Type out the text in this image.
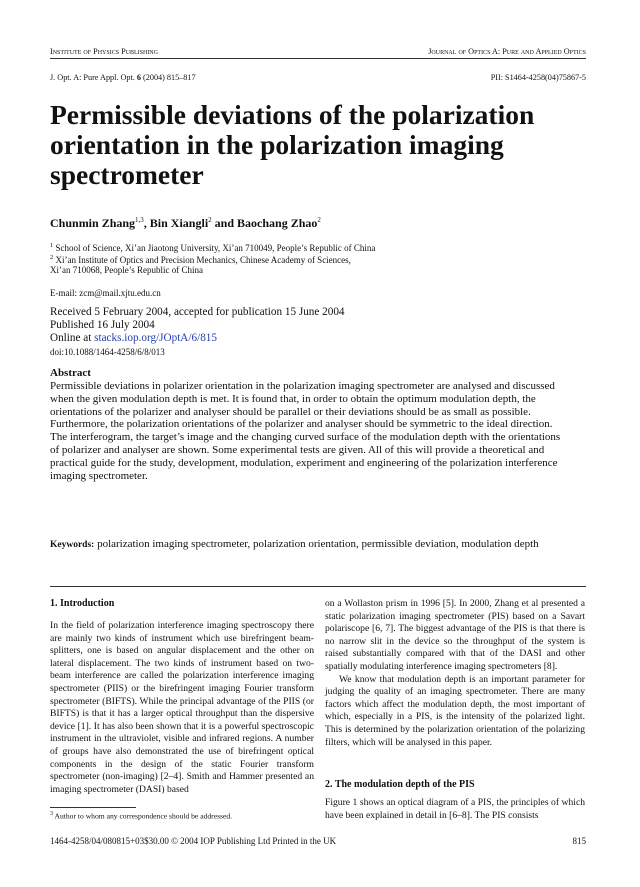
Institute of Physics Publishing	Journal of Optics A: Pure and Applied Optics
J. Opt. A: Pure Appl. Opt. 6 (2004) 815–817	PII: S1464-4258(04)75867-5
Permissible deviations of the polarization orientation in the polarization imaging spectrometer
Chunmin Zhang$^{1,3}$, Bin Xiangli$^2$ and Baochang Zhao$^2$
$^1$ School of Science, Xi’an Jiaotong University, Xi’an 710049, People’s Republic of China
$^2$ Xi’an Institute of Optics and Precision Mechanics, Chinese Academy of Sciences,
Xi’an 710068, People’s Republic of China
E-mail: zcm@mail.xjtu.edu.cn
Received 5 February 2004, accepted for publication 15 June 2004
Published 16 July 2004
Online at stacks.iop.org/JOptA/6/815
doi:10.1088/1464-4258/6/8/013
Abstract
Permissible deviations in polarizer orientation in the polarization imaging spectrometer are analysed and discussed when the given modulation depth is met. It is found that, in order to obtain the optimum modulation depth, the orientations of the polarizer and analyser should be parallel or their deviations should be as small as possible. Furthermore, the polarization orientations of the polarizer and analyser should be symmetric to the ideal direction. The interferogram, the target’s image and the changing curved surface of the modulation depth with the orientations of polarizer and analyser are shown. Some experimental tests are given. All of this will provide a theoretical and practical guide for the study, development, modulation, experiment and engineering of the polarization interference imaging spectrometer.
Keywords: polarization imaging spectrometer, polarization orientation, permissible deviation, modulation depth
1. Introduction
In the field of polarization interference imaging spectroscopy there are mainly two kinds of instrument which use birefringent beam-splitters, one is based on angular displacement and the other on lateral displacement. The two kinds of instrument based on two-beam interference are called the polarization interference imaging spectrometer (PIIS) or the birefringent imaging Fourier transform spectrometer (BIFTS). While the principal advantage of the PIIS (or BIFTS) is that it has a larger optical throughput than the dispersive device [1]. It has also been shown that it is a powerful spectroscopic instrument in the ultraviolet, visible and infrared regions. A number of groups have also demonstrated the use of birefringent optical components in the design of the static Fourier transform spectrometer (non-imaging) [2–4]. Smith and Hammer presented an imaging spectrometer (DASI) based

on a Wollaston prism in 1996 [5]. In 2000, Zhang et al presented a static polarization imaging spectrometer (PIS) based on a Savart polariscope [6, 7]. The biggest advantage of the PIS is that there is no narrow slit in the device so the throughput of the system is raised substantially compared with that of the DASI and other spatially modulating interference imaging spectrometers [8].

We know that modulation depth is an important parameter for judging the quality of an imaging spectrometer. There are many factors which affect the modulation depth, the most important of which, especially in a PIS, is the intensity of the polarized light. This is determined by the polarization orientation of the polarizing filters, which will be analysed in this paper.

2. The modulation depth of the PIS
Figure 1 shows an optical diagram of a PIS, the principles of which have been explained in detail in [6–8]. The PIS consists
$^3$ Author to whom any correspondence should be addressed.
1464-4258/04/080815+03$30.00 © 2004 IOP Publishing Ltd Printed in the UK	815
